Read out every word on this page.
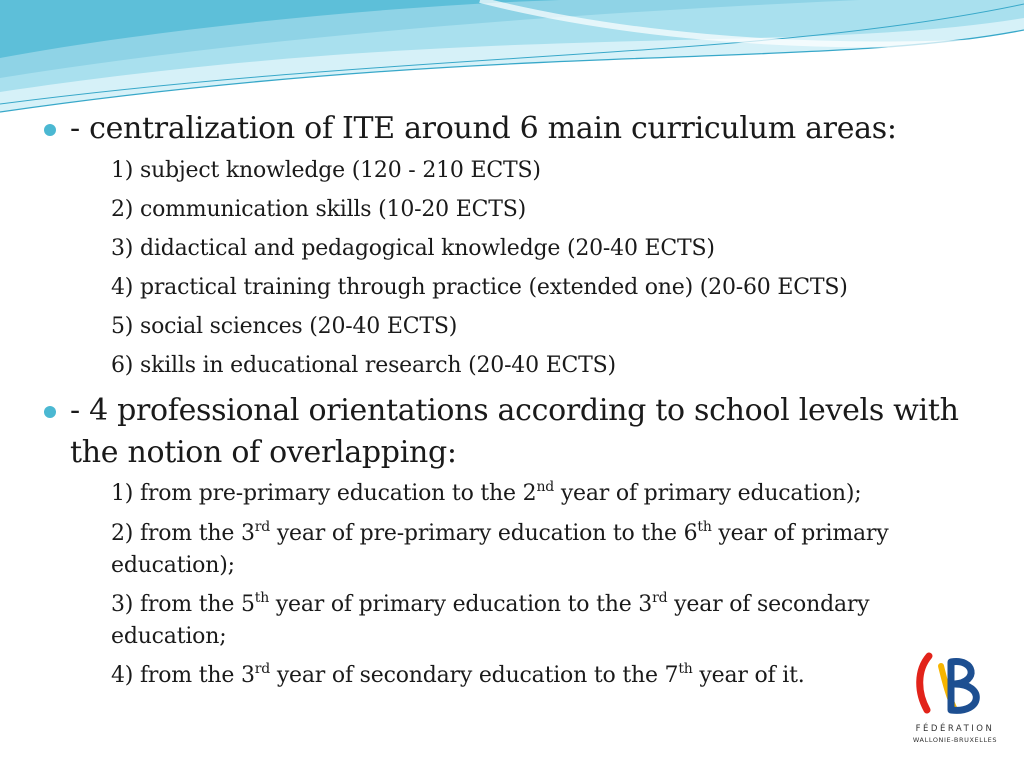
- centralization of ITE around 6 main curriculum areas:
1) subject knowledge (120 - 210 ECTS)
2) communication skills (10-20 ECTS)
3) didactical and pedagogical knowledge (20-40 ECTS)
4) practical training through practice (extended one) (20-60 ECTS)
5) social sciences (20-40 ECTS)
6) skills in educational research (20-40 ECTS)
- 4 professional orientations according to school levels with the notion of overlapping:
1) from pre-primary education to the 2nd year of primary education);
2) from the 3rd year of pre-primary education to the 6th year of primary education);
3) from the 5th year of primary education to the 3rd year of secondary education;
4) from the 3rd year of secondary education to the 7th year of it.
FÉDÉRATION
WALLONIE-BRUXELLES
